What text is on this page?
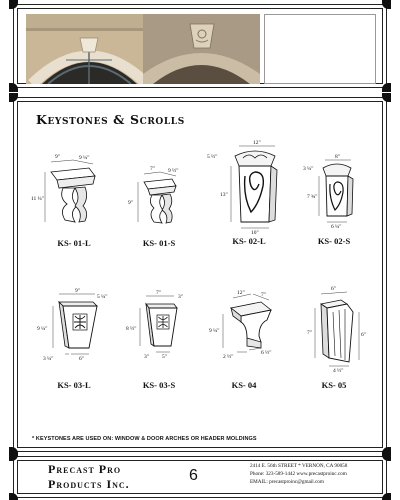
Keystones & Scrolls
9"	9 ¼"
11 ¼"
KS- 01-L
7" 9 ½"
9"
KS- 01-S
12"
5 ½"
13"
10"
KS- 02-L
8"
3 ¼"
7 ¾"
6 ¼"
KS- 02-S
9"
5 ¼"
9 ¼"
3 ¼"	6"
KS- 03-L
7"
3"
8 ½"
3" 5"
KS- 03-S
12"	7"
9 ¼"
2 ½"
6 ½"
KS- 04
6"
7"	6"
4 ½"
KS- 05
* KEYSTONES ARE USED ON: WINDOW & DOOR ARCHES OR HEADER MOLDINGS
Precast Pro
Products Inc.	6
2414 E. 56th STREET * VERNON, CA 90058
Phone: 323-589-1442 www.precastproinc.com
EMAIL: precastproinc@gmail.com
